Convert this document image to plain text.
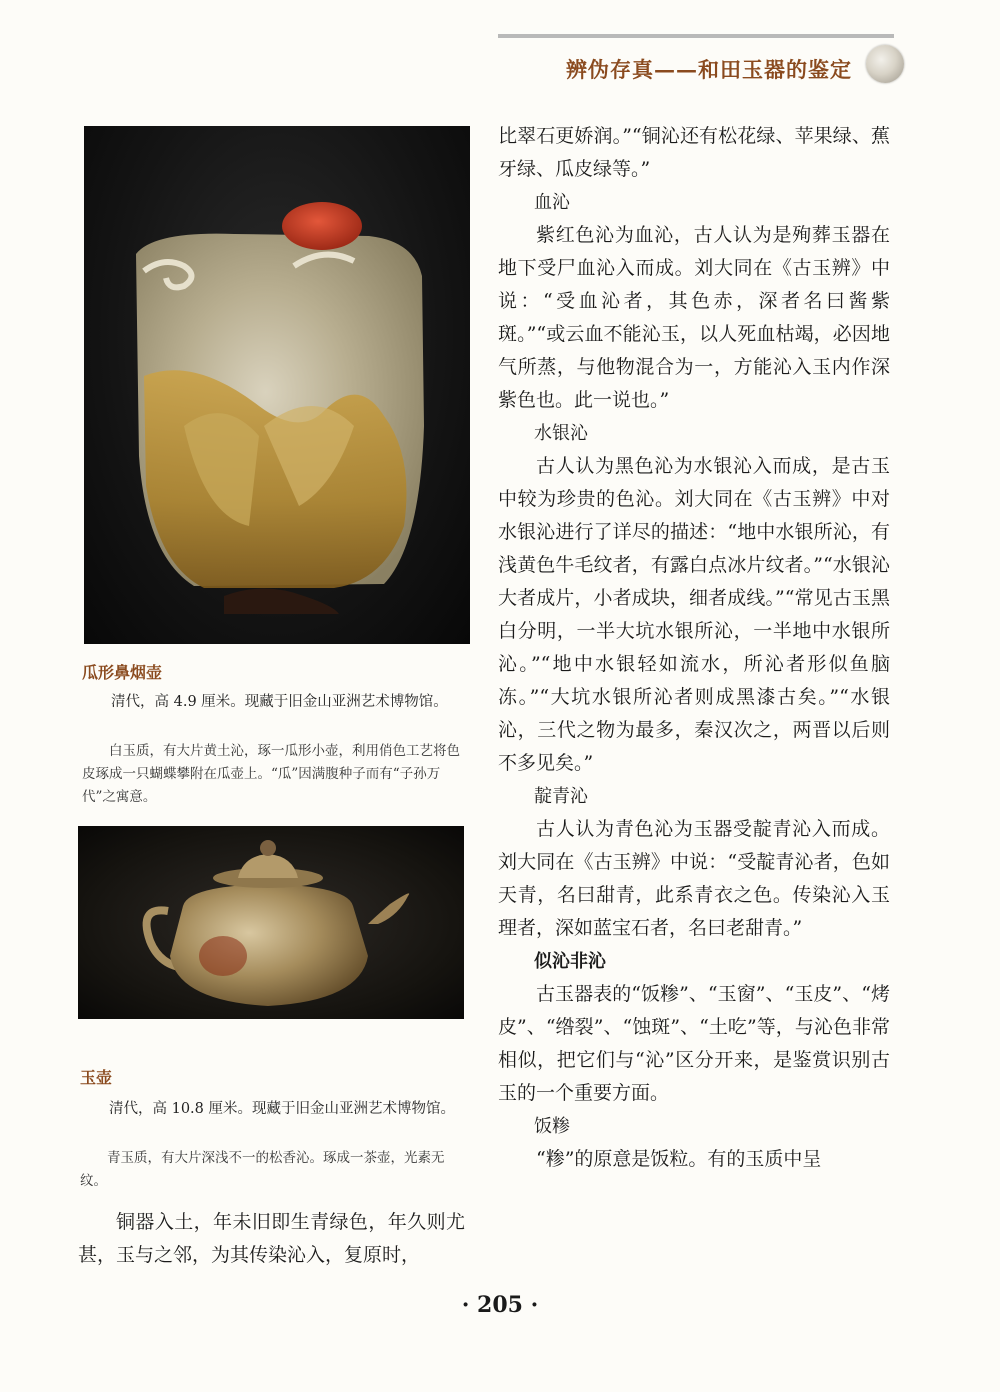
辨伪存真——和田玉器的鉴定
瓜形鼻烟壶
清代，高 4.9 厘米。现藏于旧金山亚洲艺术博物馆。
白玉质，有大片黄土沁，琢一瓜形小壶，利用俏色工艺将色皮琢成一只蝴蝶攀附在瓜壶上。“瓜”因满腹种子而有“子孙万代”之寓意。
玉壶
清代，高 10.8 厘米。现藏于旧金山亚洲艺术博物馆。
青玉质，有大片深浅不一的松香沁。琢成一茶壶，光素无纹。

铜器入土，年未旧即生青绿色，年久则尤甚，玉与之邻，为其传染沁入，复原时，

比翠石更娇润。”“铜沁还有松花绿、苹果绿、蕉牙绿、瓜皮绿等。”

血沁

紫红色沁为血沁，古人认为是殉葬玉器在地下受尸血沁入而成。刘大同在《古玉辨》中说：“受血沁者，其色赤，深者名曰酱紫斑。”“或云血不能沁玉，以人死血枯竭，必因地气所蒸，与他物混合为一，方能沁入玉内作深紫色也。此一说也。”

水银沁

古人认为黑色沁为水银沁入而成，是古玉中较为珍贵的色沁。刘大同在《古玉辨》中对水银沁进行了详尽的描述：“地中水银所沁，有浅黄色牛毛纹者，有露白点冰片纹者。”“水银沁大者成片，小者成块，细者成线。”“常见古玉黑白分明，一半大坑水银所沁，一半地中水银所沁。”“地中水银轻如流水，所沁者形似鱼脑冻。”“大坑水银所沁者则成黑漆古矣。”“水银沁，三代之物为最多，秦汉次之，两晋以后则不多见矣。”

靛青沁

古人认为青色沁为玉器受靛青沁入而成。刘大同在《古玉辨》中说：“受靛青沁者，色如天青，名曰甜青，此系青衣之色。传染沁入玉理者，深如蓝宝石者，名曰老甜青。”

似沁非沁

古玉器表的“饭糁”、“玉窗”、“玉皮”、“烤皮”、“绺裂”、“蚀斑”、“土吃”等，与沁色非常相似，把它们与“沁”区分开来，是鉴赏识别古玉的一个重要方面。

饭糁

“糁”的原意是饭粒。有的玉质中呈

· 205 ·
